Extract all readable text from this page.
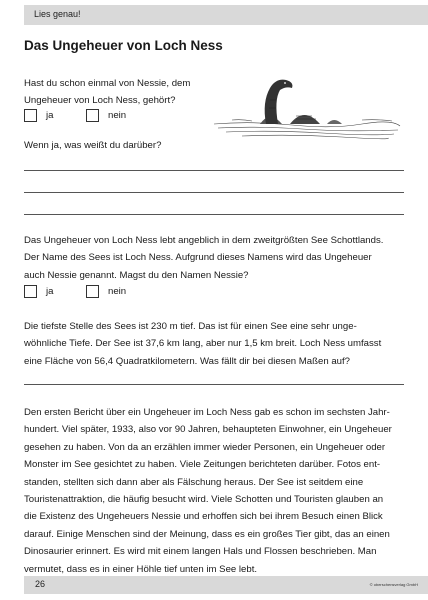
Lies genau!
Das Ungeheuer von Loch Ness
Hast du schon einmal von Nessie, dem
Ungeheuer von Loch Ness, gehört?
ja	nein
Wenn ja, was weißt du darüber?
Das Ungeheuer von Loch Ness lebt angeblich in dem zweitgrößten See Schottlands.
Der Name des Sees ist Loch Ness. Aufgrund dieses Namens wird das Ungeheuer
auch Nessie genannt. Magst du den Namen Nessie?
ja	nein
Die tiefste Stelle des Sees ist 230 m tief. Das ist für einen See eine sehr unge-
wöhnliche Tiefe. Der See ist 37,6 km lang, aber nur 1,5 km breit. Loch Ness umfasst
eine Fläche von 56,4 Quadratkilometern. Was fällt dir bei diesen Maßen auf?
Den ersten Bericht über ein Ungeheuer im Loch Ness gab es schon im sechsten Jahr-
hundert. Viel später, 1933, also vor 90 Jahren, behaupteten Einwohner, ein Ungeheuer
gesehen zu haben. Von da an erzählen immer wieder Personen, ein Ungeheuer oder
Monster im See gesichtet zu haben. Viele Zeitungen berichteten darüber. Fotos ent-
standen, stellten sich dann aber als Fälschung heraus. Der See ist seitdem eine
Touristenattraktion, die häufig besucht wird. Viele Schotten und Touristen glauben an
die Existenz des Ungeheuers Nessie und erhoffen sich bei ihrem Besuch einen Blick
darauf. Einige Menschen sind der Meinung, dass es ein großes Tier gibt, das an einen
Dinosaurier erinnert. Es wird mit einem langen Hals und Flossen beschrieben. Man
vermutet, dass es in einer Höhle tief unten im See lebt.
26	© oberschensverlag GmbH
